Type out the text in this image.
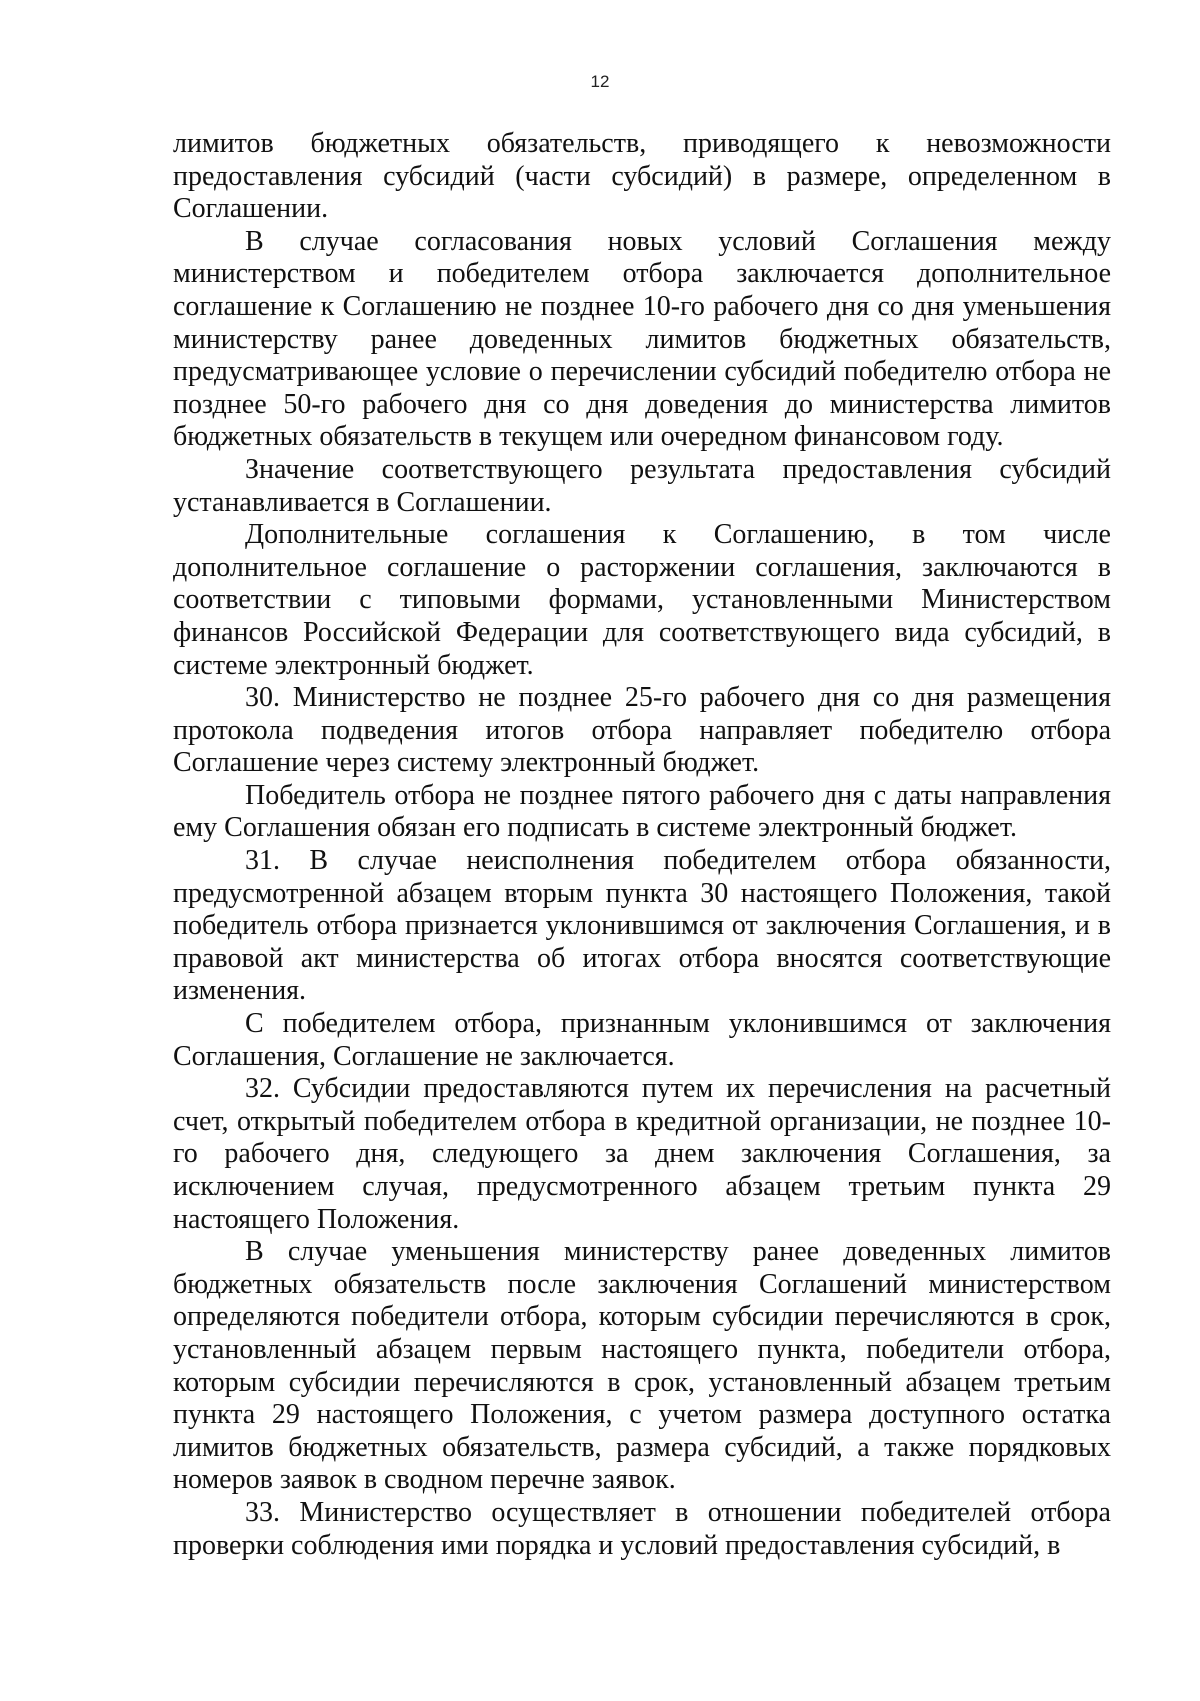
12

лимитов бюджетных обязательств, приводящего к невозможности предоставления субсидий (части субсидий) в размере, определенном в Соглашении.

В случае согласования новых условий Соглашения между министерством и победителем отбора заключается дополнительное соглашение к Соглашению не позднее 10-го рабочего дня со дня уменьшения министерству ранее доведенных лимитов бюджетных обязательств, предусматривающее условие о перечислении субсидий победителю отбора не позднее 50-го рабочего дня со дня доведения до министерства лимитов бюджетных обязательств в текущем или очередном финансовом году.

Значение соответствующего результата предоставления субсидий устанавливается в Соглашении.

Дополнительные соглашения к Соглашению, в том числе дополнительное соглашение о расторжении соглашения, заключаются в соответствии с типовыми формами, установленными Министерством финансов Российской Федерации для соответствующего вида субсидий, в системе электронный бюджет.

30. Министерство не позднее 25-го рабочего дня со дня размещения протокола подведения итогов отбора направляет победителю отбора Соглашение через систему электронный бюджет.

Победитель отбора не позднее пятого рабочего дня с даты направления ему Соглашения обязан его подписать в системе электронный бюджет.

31. В случае неисполнения победителем отбора обязанности, предусмотренной абзацем вторым пункта 30 настоящего Положения, такой победитель отбора признается уклонившимся от заключения Соглашения, и в правовой акт министерства об итогах отбора вносятся соответствующие изменения.

С победителем отбора, признанным уклонившимся от заключения Соглашения, Соглашение не заключается.

32. Субсидии предоставляются путем их перечисления на расчетный счет, открытый победителем отбора в кредитной организации, не позднее 10-го рабочего дня, следующего за днем заключения Соглашения, за исключением случая, предусмотренного абзацем третьим пункта 29 настоящего Положения.

В случае уменьшения министерству ранее доведенных лимитов бюджетных обязательств после заключения Соглашений министерством определяются победители отбора, которым субсидии перечисляются в срок, установленный абзацем первым настоящего пункта, победители отбора, которым субсидии перечисляются в срок, установленный абзацем третьим пункта 29 настоящего Положения, с учетом размера доступного остатка лимитов бюджетных обязательств, размера субсидий, а также порядковых номеров заявок в сводном перечне заявок.

33. Министерство осуществляет в отношении победителей отбора проверки соблюдения ими порядка и условий предоставления субсидий, в
